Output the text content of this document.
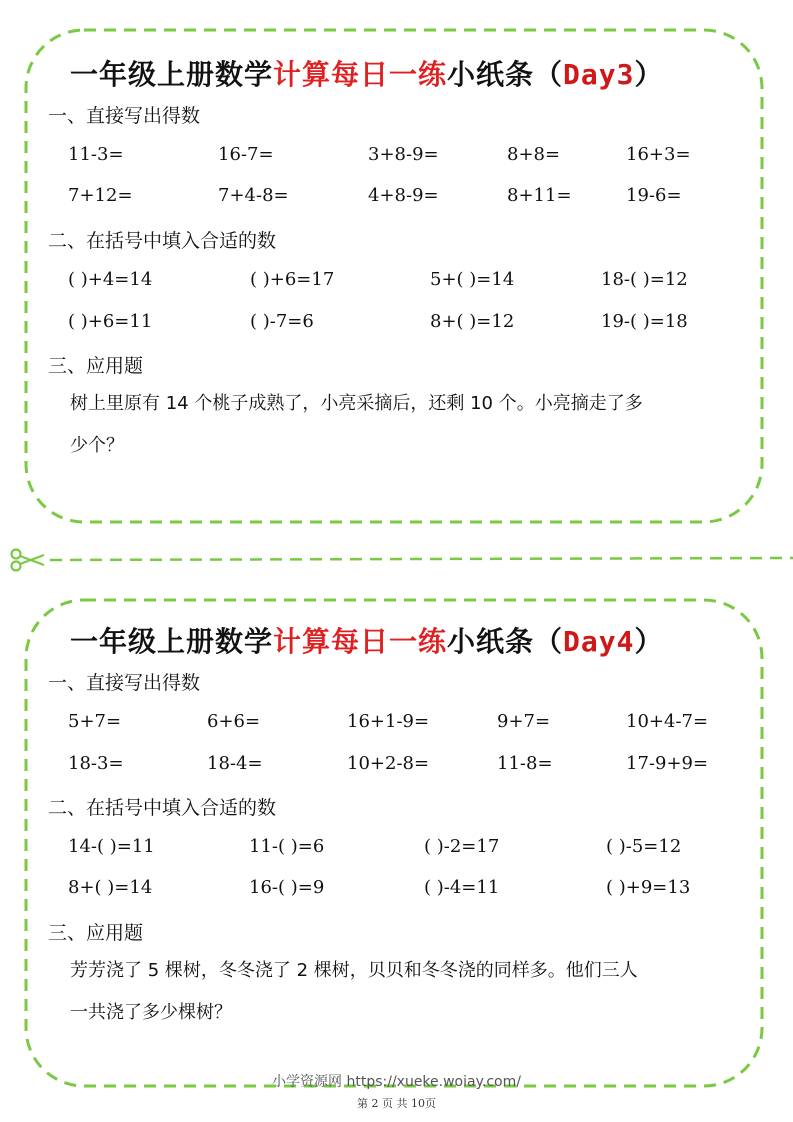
一年级上册数学计算每日一练小纸条（Day3）
一、直接写出得数
11-3=	16-7=	3+8-9=	8+8=	16+3=
7+12=	7+4-8=	4+8-9=	8+11=	19-6=
二、在括号中填入合适的数
( )+4=14	( )+6=17	5+( )=14	18-( )=12
( )+6=11	( )-7=6	8+( )=12	19-( )=18
三、应用题
树上里原有 14 个桃子成熟了，小亮采摘后，还剩 10 个。小亮摘走了多
少个？
一年级上册数学计算每日一练小纸条（Day4）
一、直接写出得数
5+7=	6+6=	16+1-9=	9+7=	10+4-7=
18-3=	18-4=	10+2-8=	11-8=	17-9+9=
二、在括号中填入合适的数
14-( )=11	11-( )=6	( )-2=17	( )-5=12
8+( )=14	16-( )=9	( )-4=11	( )+9=13
三、应用题
芳芳浇了 5 棵树，冬冬浇了 2 棵树，贝贝和冬冬浇的同样多。他们三人
一共浇了多少棵树？
小学资源网 https://xueke.woiay.com/
第 2 页 共 10页
